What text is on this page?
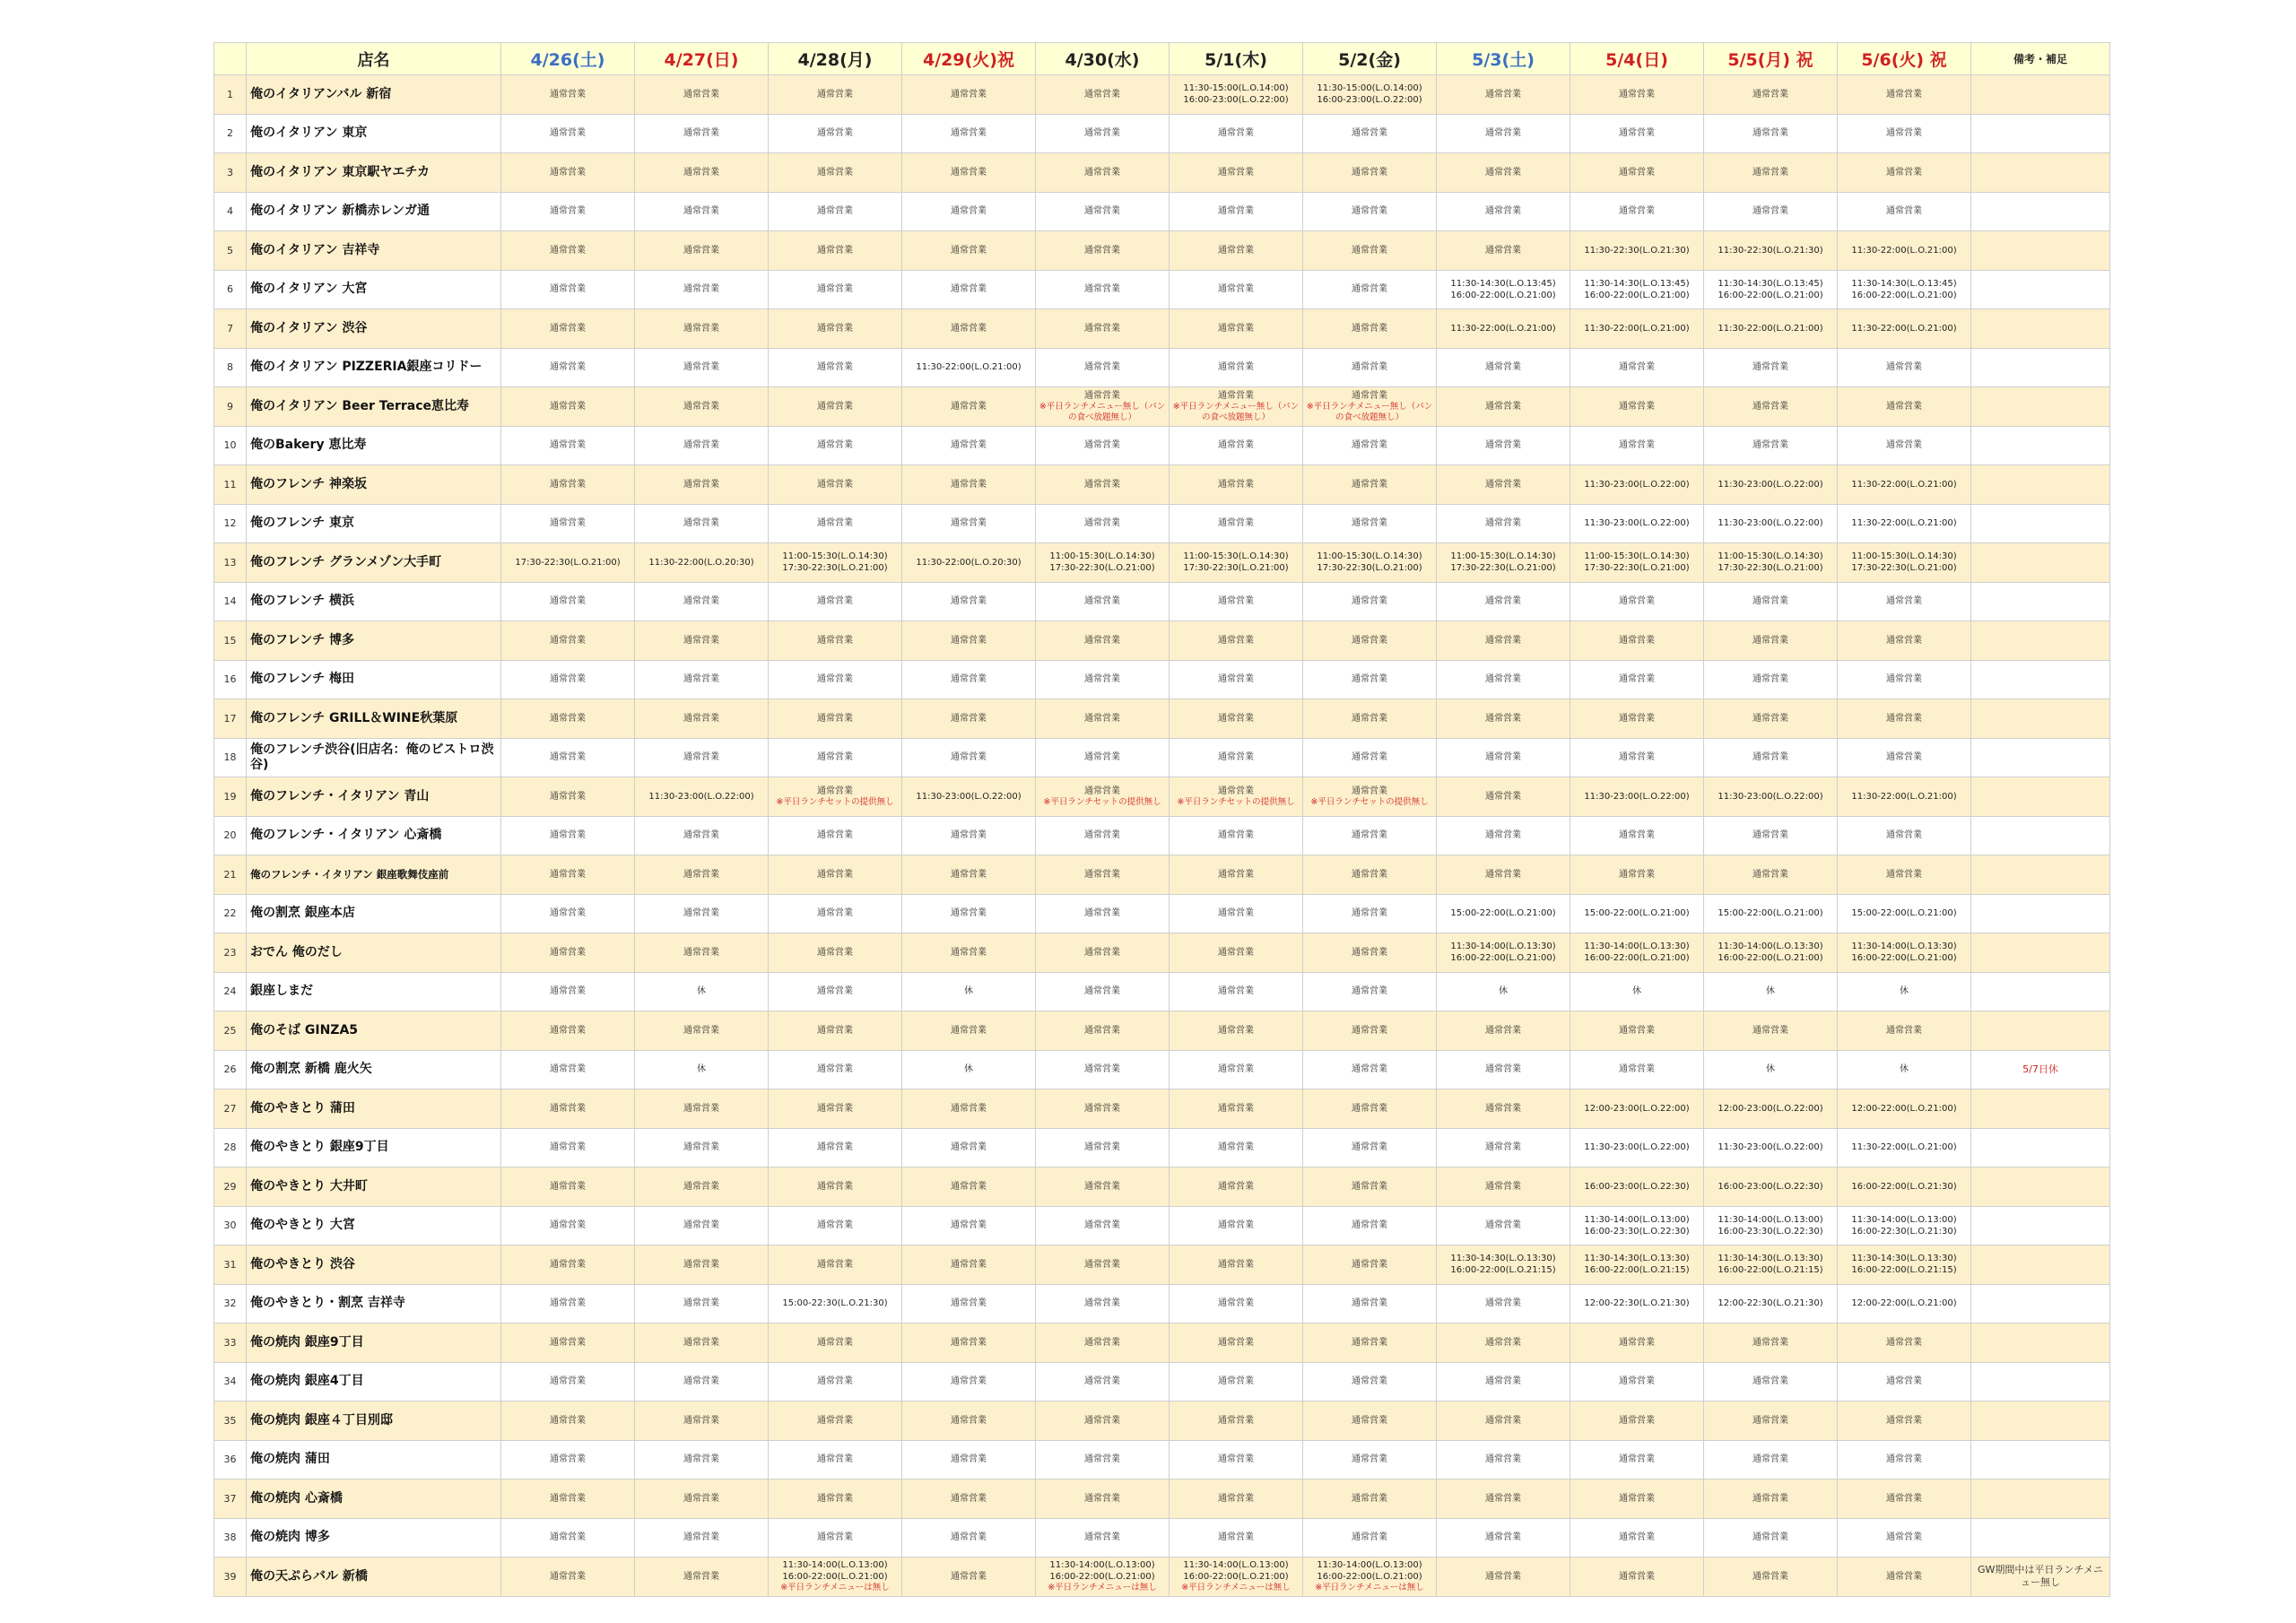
	店名	4/26(土)	4/27(日)	4/28(月)	4/29(火)祝	4/30(水)	5/1(木)	5/2(金)	5/3(土)	5/4(日)	5/5(月) 祝	5/6(火) 祝	備考・補足
1	俺のイタリアンバル 新宿	通常営業	通常営業	通常営業	通常営業	通常営業	11:30-15:00(L.O.14:00)
16:00-23:00(L.O.22:00)	11:30-15:00(L.O.14:00)
16:00-23:00(L.O.22:00)	通常営業	通常営業	通常営業	通常営業	
2	俺のイタリアン 東京	通常営業	通常営業	通常営業	通常営業	通常営業	通常営業	通常営業	通常営業	通常営業	通常営業	通常営業	
3	俺のイタリアン 東京駅ヤエチカ	通常営業	通常営業	通常営業	通常営業	通常営業	通常営業	通常営業	通常営業	通常営業	通常営業	通常営業	
4	俺のイタリアン 新橋赤レンガ通	通常営業	通常営業	通常営業	通常営業	通常営業	通常営業	通常営業	通常営業	通常営業	通常営業	通常営業	
5	俺のイタリアン 吉祥寺	通常営業	通常営業	通常営業	通常営業	通常営業	通常営業	通常営業	通常営業	11:30-22:30(L.O.21:30)	11:30-22:30(L.O.21:30)	11:30-22:00(L.O.21:00)	
6	俺のイタリアン 大宮	通常営業	通常営業	通常営業	通常営業	通常営業	通常営業	通常営業	11:30-14:30(L.O.13:45)
16:00-22:00(L.O.21:00)	11:30-14:30(L.O.13:45)
16:00-22:00(L.O.21:00)	11:30-14:30(L.O.13:45)
16:00-22:00(L.O.21:00)	11:30-14:30(L.O.13:45)
16:00-22:00(L.O.21:00)	

7	俺のイタリアン 渋谷	通常営業	通常営業	通常営業	通常営業	通常営業	通常営業	通常営業	11:30-22:00(L.O.21:00)	11:30-22:00(L.O.21:00)	11:30-22:00(L.O.21:00)	11:30-22:00(L.O.21:00)	
8	俺のイタリアン PIZZERIA銀座コリドー	通常営業	通常営業	通常営業	11:30-22:00(L.O.21:00)	通常営業	通常営業	通常営業	通常営業	通常営業	通常営業	通常営業	
9	俺のイタリアン Beer Terrace恵比寿	通常営業	通常営業	通常営業	通常営業	通常営業
※平日ランチメニュー無し（パンの食べ放題無し）	通常営業
※平日ランチメニュー無し（パンの食べ放題無し）	通常営業
※平日ランチメニュー無し（パンの食べ放題無し）	通常営業	通常営業	通常営業	通常営業	
10	俺のBakery 恵比寿	通常営業	通常営業	通常営業	通常営業	通常営業	通常営業	通常営業	通常営業	通常営業	通常営業	通常営業	
11	俺のフレンチ 神楽坂	通常営業	通常営業	通常営業	通常営業	通常営業	通常営業	通常営業	通常営業	11:30-23:00(L.O.22:00)	11:30-23:00(L.O.22:00)	11:30-22:00(L.O.21:00)	
12	俺のフレンチ 東京	通常営業	通常営業	通常営業	通常営業	通常営業	通常営業	通常営業	通常営業	11:30-23:00(L.O.22:00)	11:30-23:00(L.O.22:00)	11:30-22:00(L.O.21:00)	
13	俺のフレンチ グランメゾン大手町	17:30-22:30(L.O.21:00)	11:30-22:00(L.O.20:30)	11:00-15:30(L.O.14:30)
17:30-22:30(L.O.21:00)	11:30-22:00(L.O.20:30)	11:00-15:30(L.O.14:30)
17:30-22:30(L.O.21:00)	11:00-15:30(L.O.14:30)
17:30-22:30(L.O.21:00)	11:00-15:30(L.O.14:30)
17:30-22:30(L.O.21:00)	11:00-15:30(L.O.14:30)
17:30-22:30(L.O.21:00)	11:00-15:30(L.O.14:30)
17:30-22:30(L.O.21:00)	11:00-15:30(L.O.14:30)
17:30-22:30(L.O.21:00)	11:00-15:30(L.O.14:30)
17:30-22:30(L.O.21:00)	

14	俺のフレンチ 横浜	通常営業	通常営業	通常営業	通常営業	通常営業	通常営業	通常営業	通常営業	通常営業	通常営業	通常営業	
15	俺のフレンチ 博多	通常営業	通常営業	通常営業	通常営業	通常営業	通常営業	通常営業	通常営業	通常営業	通常営業	通常営業	
16	俺のフレンチ 梅田	通常営業	通常営業	通常営業	通常営業	通常営業	通常営業	通常営業	通常営業	通常営業	通常営業	通常営業	
17	俺のフレンチ GRILL＆WINE秋葉原	通常営業	通常営業	通常営業	通常営業	通常営業	通常営業	通常営業	通常営業	通常営業	通常営業	通常営業	
18	俺のフレンチ渋谷(旧店名：俺のビストロ渋谷)	通常営業	通常営業	通常営業	通常営業	通常営業	通常営業	通常営業	通常営業	通常営業	通常営業	通常営業	
19	俺のフレンチ・イタリアン 青山	通常営業	11:30-23:00(L.O.22:00)	通常営業
※平日ランチセットの提供無し	11:30-23:00(L.O.22:00)	通常営業
※平日ランチセットの提供無し	通常営業
※平日ランチセットの提供無し	通常営業
※平日ランチセットの提供無し	通常営業	11:30-23:00(L.O.22:00)	11:30-23:00(L.O.22:00)	11:30-22:00(L.O.21:00)	
20	俺のフレンチ・イタリアン 心斎橋	通常営業	通常営業	通常営業	通常営業	通常営業	通常営業	通常営業	通常営業	通常営業	通常営業	通常営業	
21	俺のフレンチ・イタリアン 銀座歌舞伎座前	通常営業	通常営業	通常営業	通常営業	通常営業	通常営業	通常営業	通常営業	通常営業	通常営業	通常営業	
22	俺の割烹 銀座本店	通常営業	通常営業	通常営業	通常営業	通常営業	通常営業	通常営業	15:00-22:00(L.O.21:00)	15:00-22:00(L.O.21:00)	15:00-22:00(L.O.21:00)	15:00-22:00(L.O.21:00)	
23	おでん 俺のだし	通常営業	通常営業	通常営業	通常営業	通常営業	通常営業	通常営業	11:30-14:00(L.O.13:30)
16:00-22:00(L.O.21:00)	11:30-14:00(L.O.13:30)
16:00-22:00(L.O.21:00)	11:30-14:00(L.O.13:30)
16:00-22:00(L.O.21:00)	11:30-14:00(L.O.13:30)
16:00-22:00(L.O.21:00)	

24	銀座しまだ	通常営業	休	通常営業	休	通常営業	通常営業	通常営業	休	休	休	休	
25	俺のそば GINZA5	通常営業	通常営業	通常営業	通常営業	通常営業	通常営業	通常営業	通常営業	通常営業	通常営業	通常営業	
26	俺の割烹 新橋 鹿火矢	通常営業	休	通常営業	休	通常営業	通常営業	通常営業	通常営業	通常営業	休	休	5/7日休
27	俺のやきとり 蒲田	通常営業	通常営業	通常営業	通常営業	通常営業	通常営業	通常営業	通常営業	12:00-23:00(L.O.22:00)	12:00-23:00(L.O.22:00)	12:00-22:00(L.O.21:00)	
28	俺のやきとり 銀座9丁目	通常営業	通常営業	通常営業	通常営業	通常営業	通常営業	通常営業	通常営業	11:30-23:00(L.O.22:00)	11:30-23:00(L.O.22:00)	11:30-22:00(L.O.21:00)	
29	俺のやきとり 大井町	通常営業	通常営業	通常営業	通常営業	通常営業	通常営業	通常営業	通常営業	16:00-23:00(L.O.22:30)	16:00-23:00(L.O.22:30)	16:00-22:00(L.O.21:30)	
30	俺のやきとり 大宮	通常営業	通常営業	通常営業	通常営業	通常営業	通常営業	通常営業	通常営業	11:30-14:00(L.O.13:00)
16:00-23:30(L.O.22:30)	11:30-14:00(L.O.13:00)
16:00-23:30(L.O.22:30)	11:30-14:00(L.O.13:00)
16:00-22:30(L.O.21:30)	

31	俺のやきとり 渋谷	通常営業	通常営業	通常営業	通常営業	通常営業	通常営業	通常営業	11:30-14:30(L.O.13:30)
16:00-22:00(L.O.21:15)	11:30-14:30(L.O.13:30)
16:00-22:00(L.O.21:15)	11:30-14:30(L.O.13:30)
16:00-22:00(L.O.21:15)	11:30-14:30(L.O.13:30)
16:00-22:00(L.O.21:15)	

32	俺のやきとり・割烹 吉祥寺	通常営業	通常営業	15:00-22:30(L.O.21:30)	通常営業	通常営業	通常営業	通常営業	通常営業	12:00-22:30(L.O.21:30)	12:00-22:30(L.O.21:30)	12:00-22:00(L.O.21:00)	
33	俺の焼肉 銀座9丁目	通常営業	通常営業	通常営業	通常営業	通常営業	通常営業	通常営業	通常営業	通常営業	通常営業	通常営業	
34	俺の焼肉 銀座4丁目	通常営業	通常営業	通常営業	通常営業	通常営業	通常営業	通常営業	通常営業	通常営業	通常営業	通常営業	
35	俺の焼肉 銀座４丁目別邸	通常営業	通常営業	通常営業	通常営業	通常営業	通常営業	通常営業	通常営業	通常営業	通常営業	通常営業	
36	俺の焼肉 蒲田	通常営業	通常営業	通常営業	通常営業	通常営業	通常営業	通常営業	通常営業	通常営業	通常営業	通常営業	
37	俺の焼肉 心斎橋	通常営業	通常営業	通常営業	通常営業	通常営業	通常営業	通常営業	通常営業	通常営業	通常営業	通常営業	
38	俺の焼肉 博多	通常営業	通常営業	通常営業	通常営業	通常営業	通常営業	通常営業	通常営業	通常営業	通常営業	通常営業	
39	俺の天ぷらバル 新橋	通常営業	通常営業	11:30-14:00(L.O.13:00)
16:00-22:00(L.O.21:00)
※平日ランチメニューは無し	通常営業	11:30-14:00(L.O.13:00)
16:00-22:00(L.O.21:00)
※平日ランチメニューは無し	11:30-14:00(L.O.13:00)
16:00-22:00(L.O.21:00)
※平日ランチメニューは無し	11:30-14:00(L.O.13:00)
16:00-22:00(L.O.21:00)
※平日ランチメニューは無し	通常営業	通常営業	通常営業	通常営業	GW期間中は平日ランチメニュー無し
